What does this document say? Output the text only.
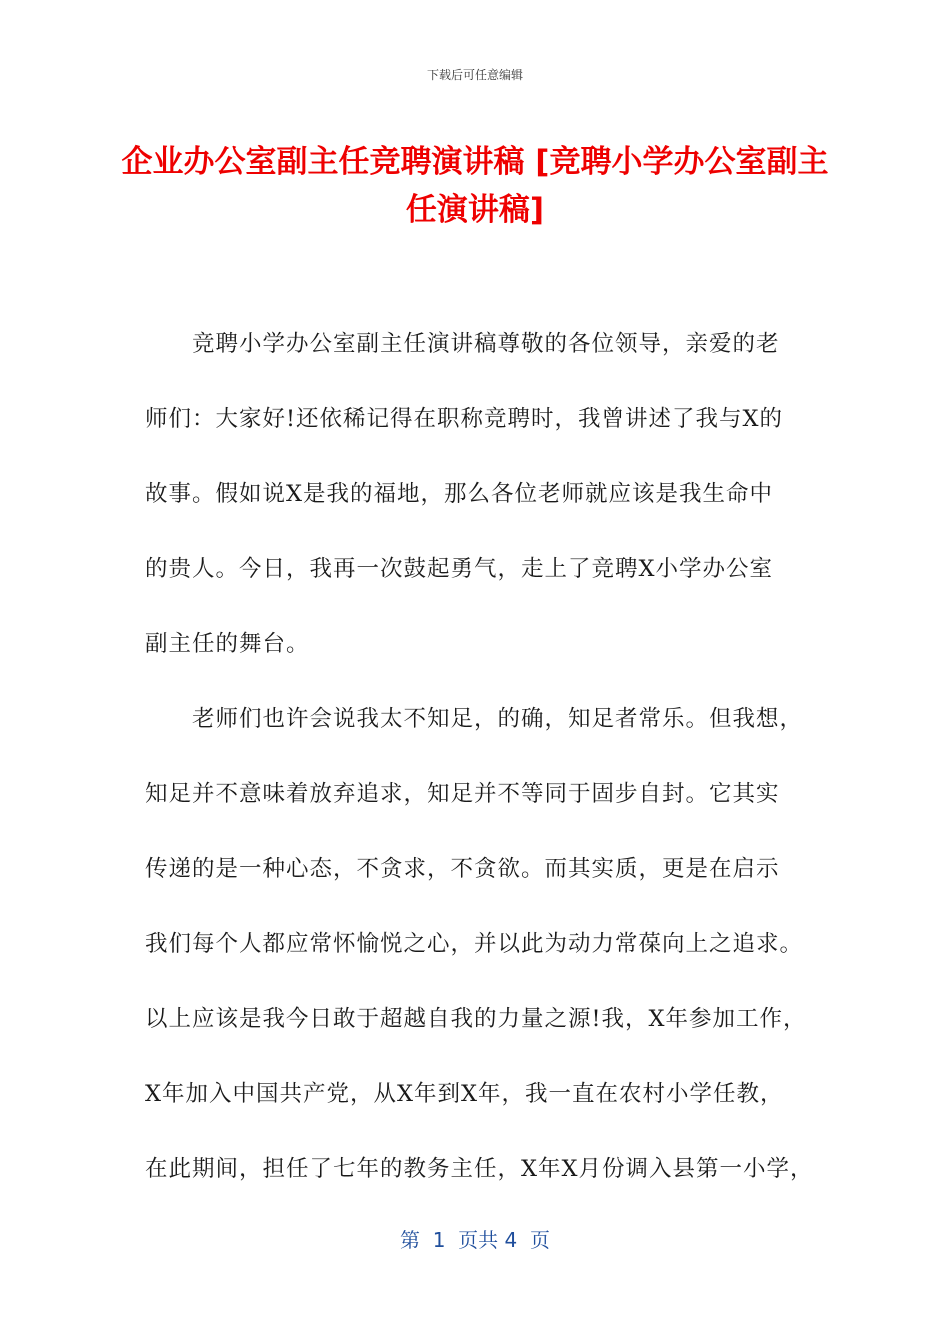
下载后可任意编辑
企业办公室副主任竞聘演讲稿 [竞聘小学办公室副主任演讲稿]
竞聘小学办公室副主任演讲稿尊敬的各位领导，亲爱的老
师们：大家好!还依稀记得在职称竞聘时，我曾讲述了我与X的
故事。假如说X是我的福地，那么各位老师就应该是我生命中
的贵人。今日，我再一次鼓起勇气，走上了竞聘X小学办公室
副主任的舞台。
老师们也许会说我太不知足，的确，知足者常乐。但我想，
知足并不意味着放弃追求，知足并不等同于固步自封。它其实
传递的是一种心态，不贪求，不贪欲。而其实质，更是在启示
我们每个人都应常怀愉悦之心，并以此为动力常葆向上之追求。
以上应该是我今日敢于超越自我的力量之源!我，X年参加工作，
X年加入中国共产党，从X年到X年，我一直在农村小学任教，
在此期间，担任了七年的教务主任，X年X月份调入县第一小学，
第  1  页共 4  页
